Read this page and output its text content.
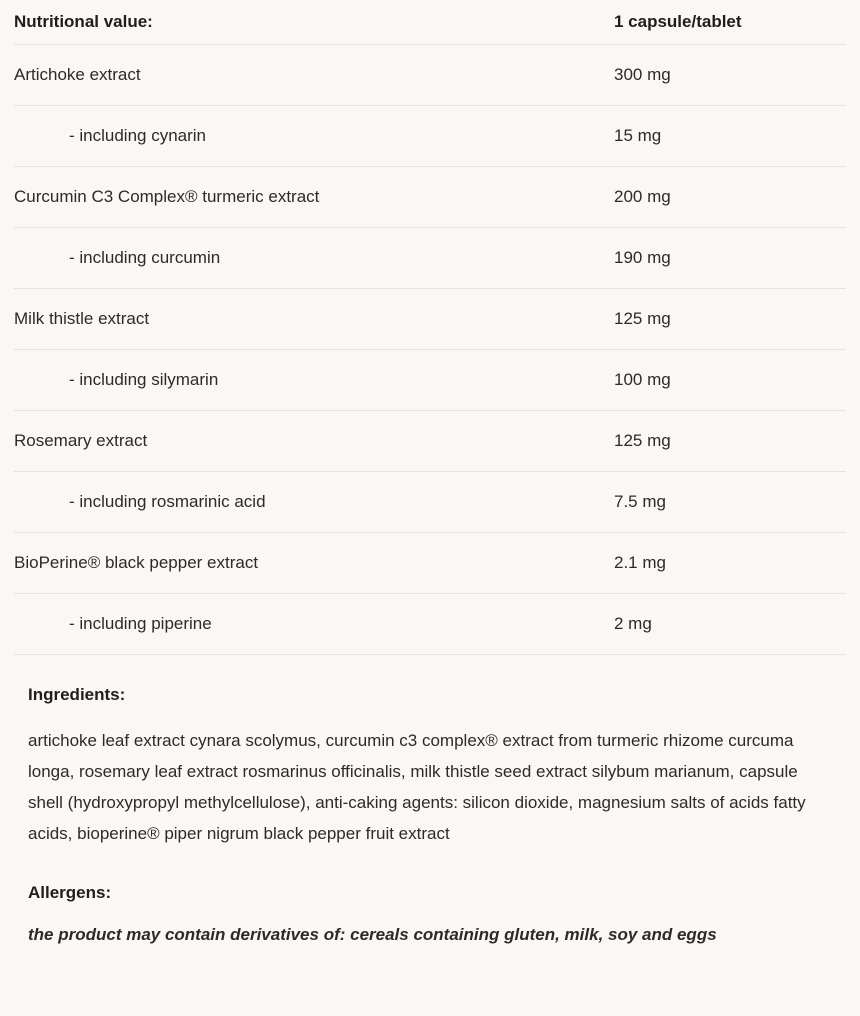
Nutritional value:	1 capsule/tablet
Artichoke extract	300 mg
- including cynarin	15 mg
Curcumin C3 Complex® turmeric extract	200 mg
- including curcumin	190 mg
Milk thistle extract	125 mg
- including silymarin	100 mg
Rosemary extract	125 mg
- including rosmarinic acid	7.5 mg
BioPerine® black pepper extract	2.1 mg
- including piperine	2 mg
Ingredients:

artichoke leaf extract cynara scolymus, curcumin c3 complex® extract from turmeric rhizome curcuma longa, rosemary leaf extract rosmarinus officinalis, milk thistle seed extract silybum marianum, capsule shell (hydroxypropyl methylcellulose), anti-caking agents: silicon dioxide, magnesium salts of acids fatty acids, bioperine® piper nigrum black pepper fruit extract

Allergens:

the product may contain derivatives of: cereals containing gluten, milk, soy and eggs
